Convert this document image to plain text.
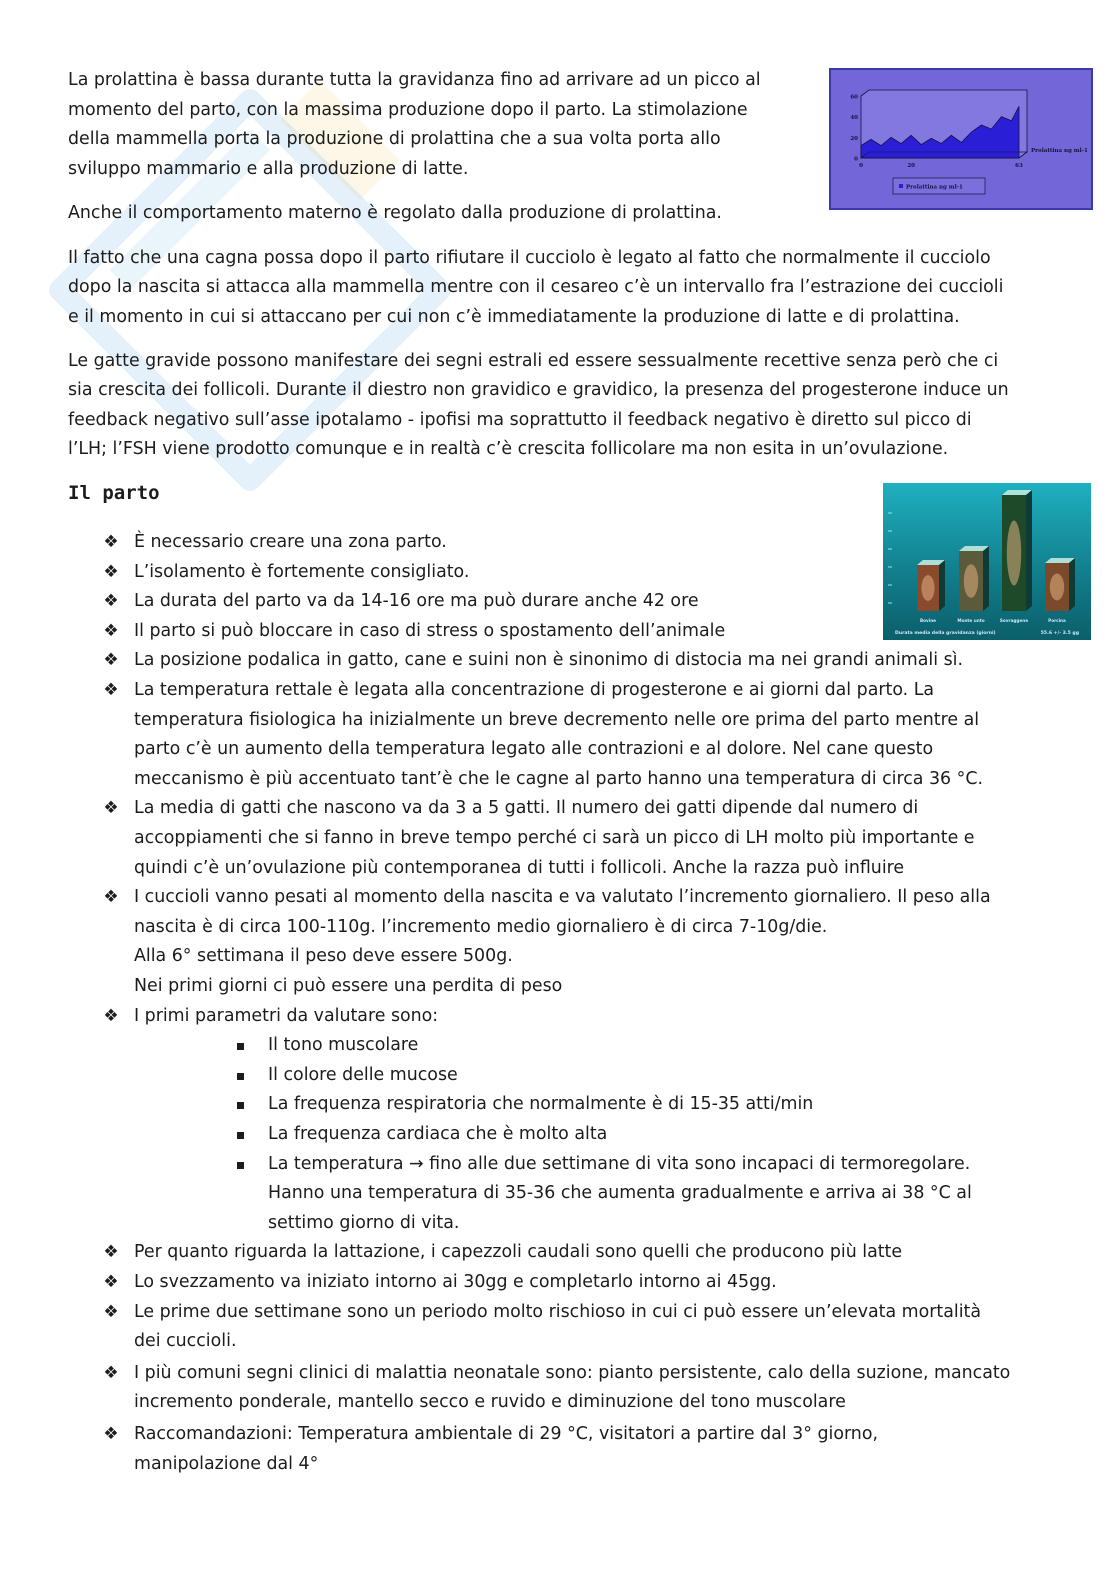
La prolattina è bassa durante tutta la gravidanza fino ad arrivare ad un picco al

momento del parto, con la massima produzione dopo il parto. La stimolazione

della mammella porta la produzione di prolattina che a sua volta porta allo

sviluppo mammario e alla produzione di latte.

Anche il comportamento materno è regolato dalla produzione di prolattina.

Il fatto che una cagna possa dopo il parto rifiutare il cucciolo è legato al fatto che normalmente il cucciolo

dopo la nascita si attacca alla mammella mentre con il cesareo c’è un intervallo fra l’estrazione dei cuccioli

e il momento in cui si attaccano per cui non c’è immediatamente la produzione di latte e di prolattina.

Le gatte gravide possono manifestare dei segni estrali ed essere sessualmente recettive senza però che ci

sia crescita dei follicoli. Durante il diestro non gravidico e gravidico, la presenza del progesterone induce un

feedback negativo sull’asse ipotalamo - ipofisi ma soprattutto il feedback negativo è diretto sul picco di

l’LH; l’FSH viene prodotto comunque e in realtà c’è crescita follicolare ma non esita in un’ovulazione.

Il parto
❖ È necessario creare una zona parto.
❖ L’isolamento è fortemente consigliato.
❖ La durata del parto va da 14-16 ore ma può durare anche 42 ore
❖ Il parto si può bloccare in caso di stress o spostamento dell’animale
❖ La posizione podalica in gatto, cane e suini non è sinonimo di distocia ma nei grandi animali sì.
❖ La temperatura rettale è legata alla concentrazione di progesterone e ai giorni dal parto. La
temperatura fisiologica ha inizialmente un breve decremento nelle ore prima del parto mentre al
parto c’è un aumento della temperatura legato alle contrazioni e al dolore. Nel cane questo
meccanismo è più accentuato tant’è che le cagne al parto hanno una temperatura di circa 36 °C.
❖ La media di gatti che nascono va da 3 a 5 gatti. Il numero dei gatti dipende dal numero di
accoppiamenti che si fanno in breve tempo perché ci sarà un picco di LH molto più importante e
quindi c’è un’ovulazione più contemporanea di tutti i follicoli. Anche la razza può influire
❖ I cuccioli vanno pesati al momento della nascita e va valutato l’incremento giornaliero. Il peso alla
nascita è di circa 100-110g. l’incremento medio giornaliero è di circa 7-10g/die.
Alla 6° settimana il peso deve essere 500g.
Nei primi giorni ci può essere una perdita di peso
❖ I primi parametri da valutare sono:
Il tono muscolare
Il colore delle mucose
La frequenza respiratoria che normalmente è di 15-35 atti/min
La frequenza cardiaca che è molto alta
La temperatura → fino alle due settimane di vita sono incapaci di termoregolare.
Hanno una temperatura di 35-36 che aumenta gradualmente e arriva ai 38 °C al
settimo giorno di vita.
❖ Per quanto riguarda la lattazione, i capezzoli caudali sono quelli che producono più latte
❖ Lo svezzamento va iniziato intorno ai 30gg e completarlo intorno ai 45gg.
❖ Le prime due settimane sono un periodo molto rischioso in cui ci può essere un’elevata mortalità
dei cuccioli.
❖ I più comuni segni clinici di malattia neonatale sono: pianto persistente, calo della suzione, mancato
incremento ponderale, mantello secco e ruvido e diminuzione del tono muscolare
❖ Raccomandazioni: Temperatura ambientale di 29 °C, visitatori a partire dal 3° giorno,
manipolazione dal 4°
60
40
20
0
0	20	63
Prolattina ng ml-1
Prolattina ng ml-1
Bovine	Monte unto	Sovraggene	Porcina
Durata media della gravidanza (giorni)	55.6 +/- 3.5 gg
